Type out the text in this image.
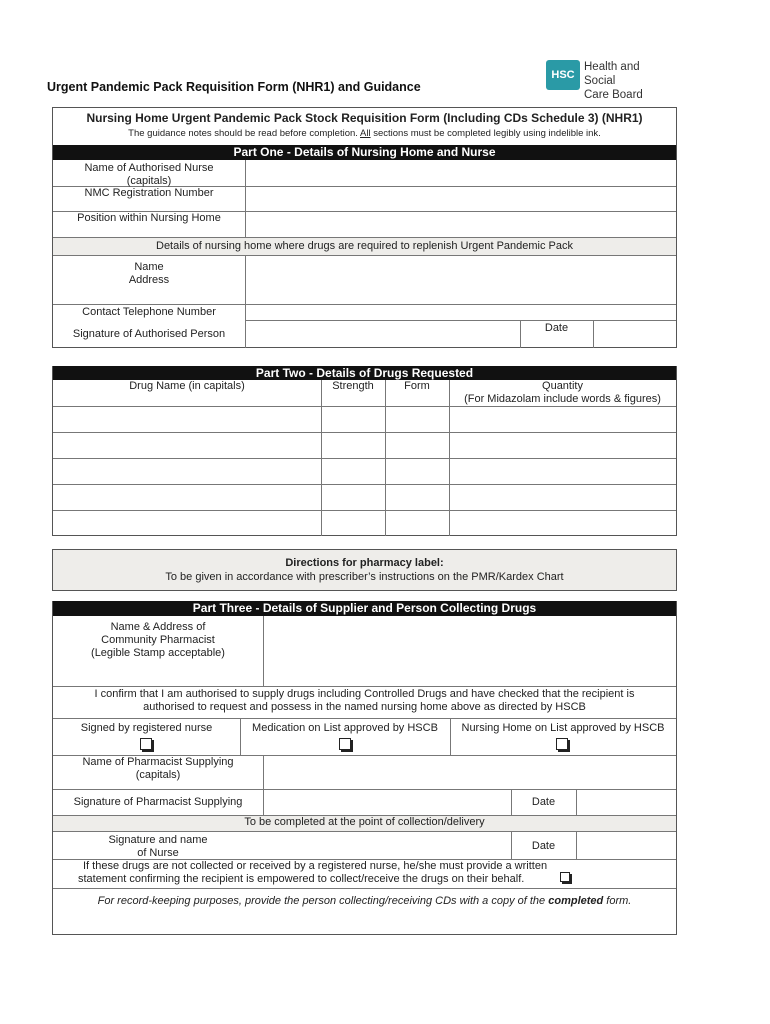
Urgent Pandemic Pack Requisition Form (NHR1) and Guidance
HSC
Health and Social
Care Board
Nursing Home Urgent Pandemic Pack Stock Requisition Form (Including CDs Schedule 3) (NHR1)
The guidance notes should be read before completion. All sections must be completed legibly using indelible ink.
Part One - Details of Nursing Home and Nurse
Name of Authorised Nurse
(capitals)
NMC Registration Number
Position within Nursing Home
Details of nursing home where drugs are required to replenish Urgent Pandemic Pack
Name
Address
Contact Telephone Number
Signature of Authorised Person	Date
Part Two - Details of Drugs Requested
Drug Name (in capitals)	Strength	Form	Quantity
(For Midazolam include words & figures)
Directions for pharmacy label:
To be given in accordance with prescriber’s instructions on the PMR/Kardex Chart
Part Three - Details of Supplier and Person Collecting Drugs
Name & Address of
Community Pharmacist
(Legible Stamp acceptable)
I confirm that I am authorised to supply drugs including Controlled Drugs and have checked that the recipient is
authorised to request and possess in the named nursing home above as directed by HSCB
Signed by registered nurse	Medication on List approved by HSCB	Nursing Home on List approved by HSCB
Name of Pharmacist Supplying
(capitals)
Signature of Pharmacist Supplying	Date
To be completed at the point of collection/delivery
Signature and name
of Nurse
Date
If these drugs are not collected or received by a registered nurse, he/she must provide a written
statement confirming the recipient is empowered to collect/receive the drugs on their behalf.
For record-keeping purposes, provide the person collecting/receiving CDs with a copy of the completed form.
